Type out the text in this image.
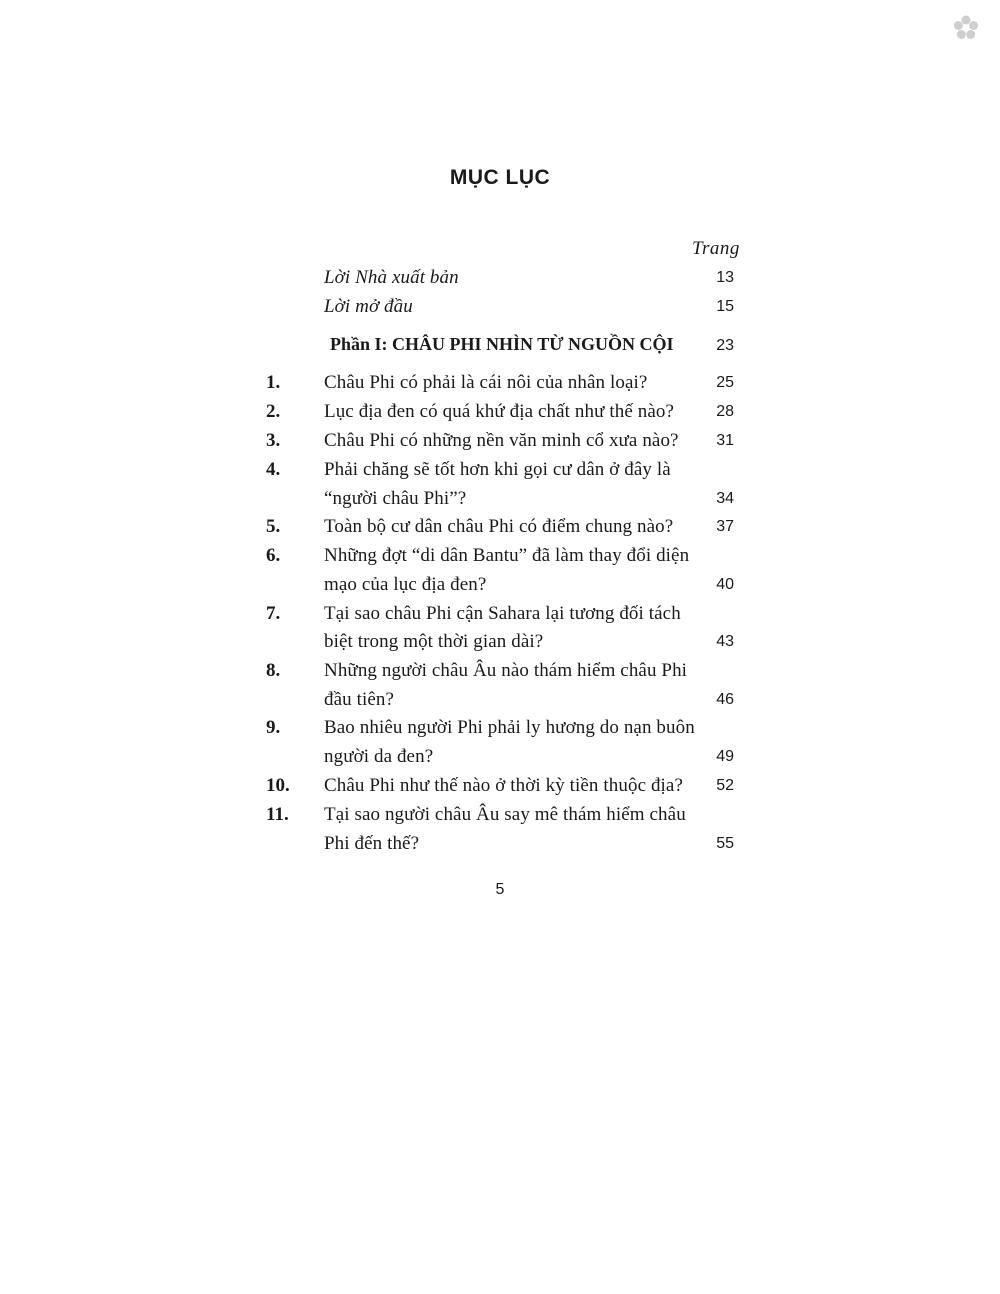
MỤC LỤC
Trang
Lời Nhà xuất bản	13
Lời mở đầu	15
Phần I: CHÂU PHI NHÌN TỪ NGUỒN CỘI	23
1. Châu Phi có phải là cái nôi của nhân loại?	25
2. Lục địa đen có quá khứ địa chất như thế nào?	28
3. Châu Phi có những nền văn minh cổ xưa nào?	31
4. Phải chăng sẽ tốt hơn khi gọi cư dân ở đây là
“người châu Phi”?	34
5. Toàn bộ cư dân châu Phi có điểm chung nào?	37
6. Những đợt “di dân Bantu” đã làm thay đổi diện
mạo của lục địa đen?	40
7. Tại sao châu Phi cận Sahara lại tương đối tách
biệt trong một thời gian dài?	43
8. Những người châu Âu nào thám hiểm châu Phi
đầu tiên?	46
9. Bao nhiêu người Phi phải ly hương do nạn buôn
người da đen?	49
10. Châu Phi như thế nào ở thời kỳ tiền thuộc địa?	52
11. Tại sao người châu Âu say mê thám hiểm châu
Phi đến thế?	55
5
